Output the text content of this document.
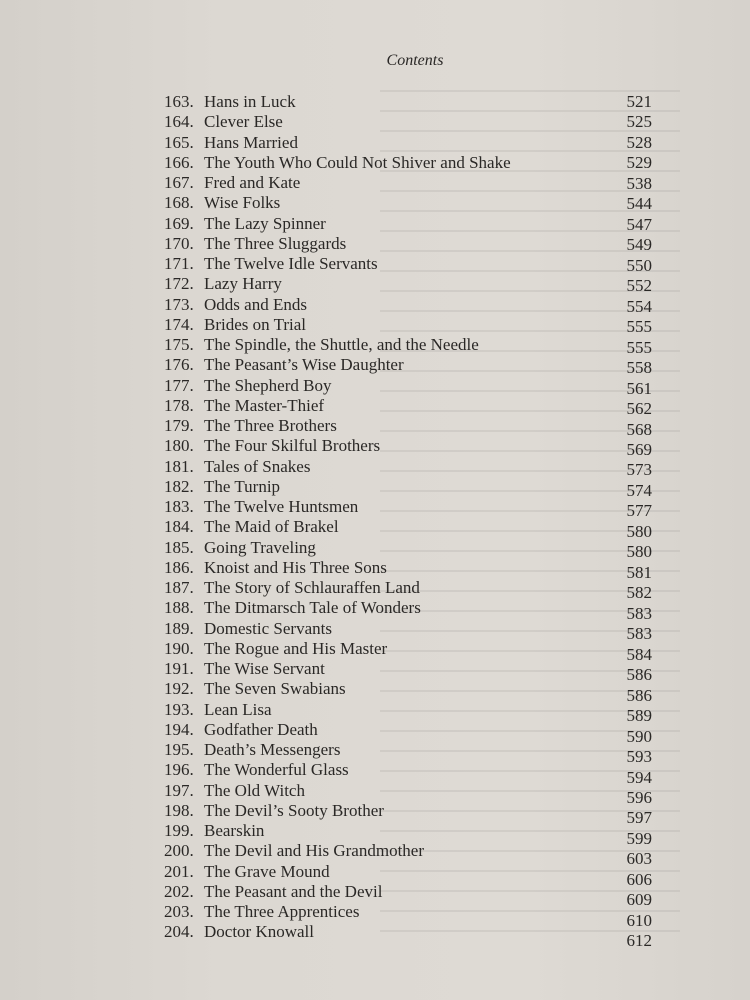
Contents
163. Hans in Luck	521
164. Clever Else	525
165. Hans Married	528
166. The Youth Who Could Not Shiver and Shake	529
167. Fred and Kate	538
168. Wise Folks	544
169. The Lazy Spinner	547
170. The Three Sluggards	549
171. The Twelve Idle Servants	550
172. Lazy Harry	552
173. Odds and Ends	554
174. Brides on Trial	555
175. The Spindle, the Shuttle, and the Needle	555
176. The Peasant’s Wise Daughter	558
177. The Shepherd Boy	561
178. The Master-Thief	562
179. The Three Brothers	568
180. The Four Skilful Brothers	569
181. Tales of Snakes	573
182. The Turnip	574
183. The Twelve Huntsmen	577
184. The Maid of Brakel	580
185. Going Traveling	580
186. Knoist and His Three Sons	581
187. The Story of Schlauraffen Land	582
188. The Ditmarsch Tale of Wonders	583
189. Domestic Servants	583
190. The Rogue and His Master	584
191. The Wise Servant	586
192. The Seven Swabians	586
193. Lean Lisa	589
194. Godfather Death	590
195. Death’s Messengers	593
196. The Wonderful Glass	594
197. The Old Witch	596
198. The Devil’s Sooty Brother	597
199. Bearskin	599
200. The Devil and His Grandmother	603
201. The Grave Mound	606
202. The Peasant and the Devil	609
203. The Three Apprentices	610
204. Doctor Knowall	612
